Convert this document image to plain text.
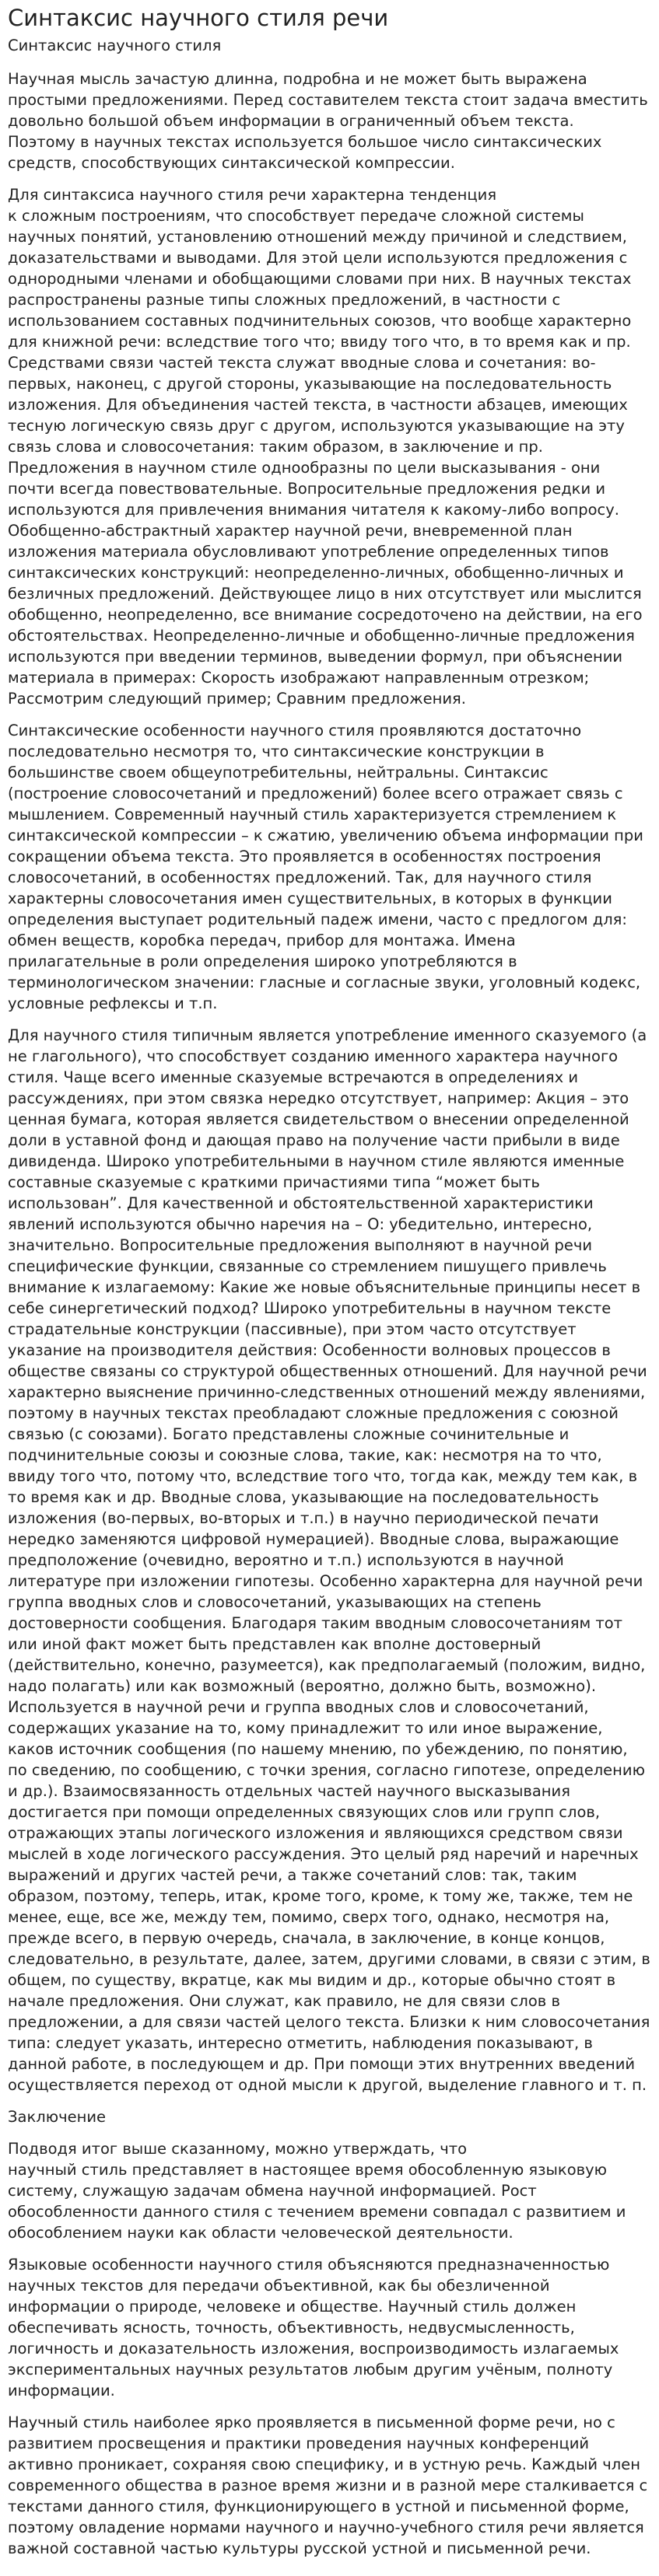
Синтаксис научного стиля речи
Синтаксис научного стиля
Научная мысль зачастую длинна, подробна и не может быть выражена простыми предложениями. Перед составителем текста стоит задача вместить довольно большой объем информации в ограниченный объем текста.
Поэтому в научных текстах используется большое число синтаксических средств, способствующих синтаксической компрессии.
Для синтаксиса научного стиля речи характерна тенденция
к сложным построениям, что способствует передаче сложной системы научных понятий, установлению отношений между причиной и следствием, доказательствами и выводами. Для этой цели используются предложения с однородными членами и обобщающими словами при них. В научных текстах распространены разные типы сложных предложений, в частности с использованием составных подчинительных союзов, что вообще характерно для книжной речи: вследствие того что; ввиду того что, в то время как и пр. Средствами связи частей текста служат вводные слова и сочетания: во-первых, наконец, с другой стороны, указывающие на последовательность изложения. Для объединения частей текста, в частности абзацев, имеющих тесную логическую связь друг с другом, используются указывающие на эту связь слова и словосочетания: таким образом, в заключение и пр. Предложения в научном стиле однообразны по цели высказывания - они почти всегда повествовательные. Вопросительные предложения редки и используются для привлечения внимания читателя к какому-либо вопросу. Обобщенно-абстрактный характер научной речи, вневременной план изложения материала обусловливают употребление определенных типов синтаксических конструкций: неопределенно-личных, обобщенно-личных и безличных предложений. Действующее лицо в них отсутствует или мыслится обобщенно, неопределенно, все внимание сосредоточено на действии, на его обстоятельствах. Неопределенно-личные и обобщенно-личные предложения используются при введении терминов, выведении формул, при объяснении материала в примерах: Скорость изображают направленным отрезком; Рассмотрим следующий пример; Сравним предложения.
Синтаксические особенности научного стиля проявляются достаточно последовательно несмотря то, что синтаксические конструкции в большинстве своем общеупотребительны, нейтральны. Синтаксис (построение словосочетаний и предложений) более всего отражает связь с мышлением. Современный научный стиль характеризуется стремлением к синтаксической компрессии – к сжатию, увеличению объема информации при сокращении объема текста. Это проявляется в особенностях построения словосочетаний, в особенностях предложений. Так, для научного стиля характерны словосочетания имен существительных, в которых в функции определения выступает родительный падеж имени, часто с предлогом для: обмен веществ, коробка передач, прибор для монтажа. Имена прилагательные в роли определения широко употребляются в терминологическом значении: гласные и согласные звуки, уголовный кодекс, условные рефлексы и т.п.
Для научного стиля типичным является употребление именного сказуемого (а не глагольного), что способствует созданию именного характера научного стиля. Чаще всего именные сказуемые встречаются в определениях и рассуждениях, при этом связка нередко отсутствует, например: Акция – это ценная бумага, которая является свидетельством о внесении определенной доли в уставной фонд и дающая право на получение части прибыли в виде дивиденда. Широко употребительными в научном стиле являются именные составные сказуемые с краткими причастиями типа “может быть использован”. Для качественной и обстоятельственной характеристики явлений используются обычно наречия на – О: убедительно, интересно, значительно. Вопросительные предложения выполняют в научной речи специфические функции, связанные со стремлением пишущего привлечь внимание к излагаемому: Какие же новые объяснительные принципы несет в себе синергетический подход? Широко употребительны в научном тексте страдательные конструкции (пассивные), при этом часто отсутствует указание на производителя действия: Особенности волновых процессов в обществе связаны со структурой общественных отношений. Для научной речи характерно выяснение причинно-следственных отношений между явлениями, поэтому в научных текстах преобладают сложные предложения с союзной связью (с союзами). Богато представлены сложные сочинительные и подчинительные союзы и союзные слова, такие, как: несмотря на то что, ввиду того что, потому что, вследствие того что, тогда как, между тем как, в то время как и др. Вводные слова, указывающие на последовательность изложения (во-первых, во-вторых и т.п.) в научно периодической печати нередко заменяются цифровой нумерацией). Вводные слова, выражающие предположение (очевидно, вероятно и т.п.) используются в научной литературе при изложении гипотезы. Особенно характерна для научной речи группа вводных слов и словосочетаний, указывающих на степень достоверности сообщения. Благодаря таким вводным словосочетаниям тот или иной факт может быть представлен как вполне достоверный (действительно, конечно, разумеется), как предполагаемый (положим, видно, надо полагать) или как возможный (вероятно, должно быть, возможно). Используется в научной речи и группа вводных слов и словосочетаний, содержащих указание на то, кому принадлежит то или иное выражение, каков источник сообщения (по нашему мнению, по убеждению, по понятию, по сведению, по сообщению, с точки зрения, согласно гипотезе, определению и др.). Взаимосвязанность отдельных частей научного высказывания достигается при помощи определенных связующих слов или групп слов, отражающих этапы логического изложения и являющихся средством связи мыслей в ходе логического рассуждения. Это целый ряд наречий и наречных выражений и других частей речи, а также сочетаний слов: так, таким образом, поэтому, теперь, итак, кроме того, кроме, к тому же, также, тем не менее, еще, все же, между тем, помимо, сверх того, однако, несмотря на, прежде всего, в первую очередь, сначала, в заключение, в конце концов, следовательно, в результате, далее, затем, другими словами, в связи с этим, в общем, по существу, вкратце, как мы видим и др., которые обычно стоят в начале предложения. Они служат, как правило, не для связи слов в предложении, а для связи частей целого текста. Близки к ним словосочетания типа: следует указать, интересно отметить, наблюдения показывают, в данной работе, в последующем и др. При помощи этих внутренних введений осуществляется переход от одной мысли к другой, выделение главного и т. п.
Заключение
Подводя итог выше сказанному, можно утверждать, что
научный стиль представляет в настоящее время обособленную языковую систему, служащую задачам обмена научной информацией. Рост обособленности данного стиля с течением времени совпадал с развитием и обособлением науки как области человеческой деятельности.
Языковые особенности научного стиля объясняются предназначенностью научных текстов для передачи объективной, как бы обезличенной информации о природе, человеке и обществе. Научный стиль должен обеспечивать ясность, точность, объективность, недвусмысленность, логичность и доказательность изложения, воспроизводимость излагаемых экспериментальных научных результатов любым другим учёным, полноту информации.
Научный стиль наиболее ярко проявляется в письменной форме речи, но с развитием просвещения и практики проведения научных конференций активно проникает, сохраняя свою специфику, и в устную речь. Каждый член современного общества в разное время жизни и в разной мере сталкивается с текстами данного стиля, функционирующего в устной и письменной форме, поэтому овладение нормами научного и научно-учебного стиля речи является важной составной частью культуры русской устной и письменной речи.
